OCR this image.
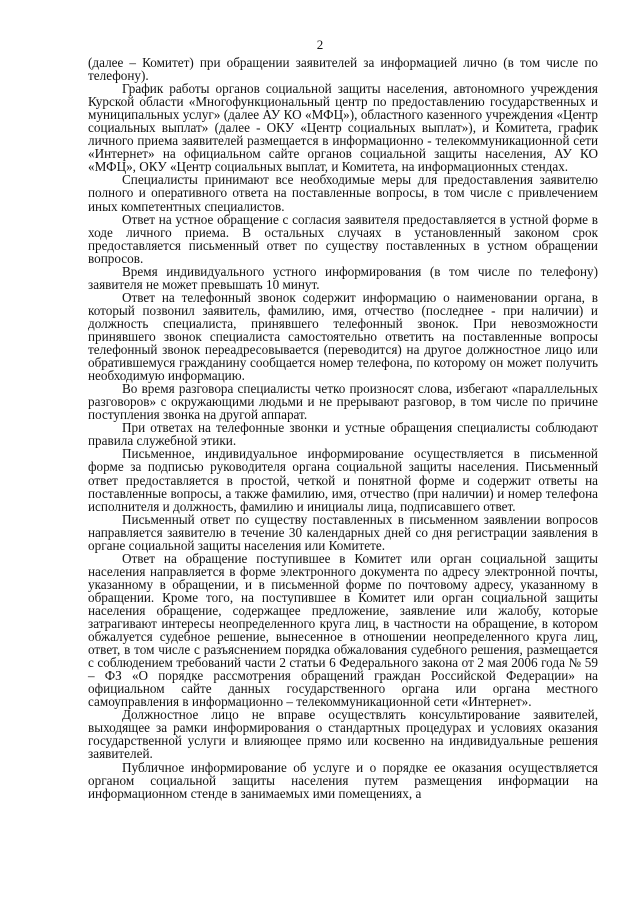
2

(далее – Комитет) при обращении заявителей за информацией лично (в том числе по телефону).

График работы органов социальной защиты населения, автономного учреждения Курской области «Многофункциональный центр по предоставлению государственных и муниципальных услуг» (далее АУ КО «МФЦ»), областного казенного учреждения «Центр социальных выплат» (далее - ОКУ «Центр социальных выплат»), и Комитета, график личного приема заявителей размещается в информационно - телекоммуникационной сети «Интернет» на официальном сайте органов социальной защиты населения, АУ КО «МФЦ», ОКУ «Центр социальных выплат, и Комитета, на информационных стендах.

Специалисты принимают все необходимые меры для предоставления заявителю полного и оперативного ответа на поставленные вопросы, в том числе с привлечением иных компетентных специалистов.

Ответ на устное обращение с согласия заявителя предоставляется в устной форме в ходе личного приема. В остальных случаях в установленный законом срок предоставляется письменный ответ по существу поставленных в устном обращении вопросов.

Время индивидуального устного информирования (в том числе по телефону) заявителя не может превышать 10 минут.

Ответ на телефонный звонок содержит информацию о наименовании органа, в который позвонил заявитель, фамилию, имя, отчество (последнее - при наличии) и должность специалиста, принявшего телефонный звонок. При невозможности принявшего звонок специалиста самостоятельно ответить на поставленные вопросы телефонный звонок переадресовывается (переводится) на другое должностное лицо или обратившемуся гражданину сообщается номер телефона, по которому он может получить необходимую информацию.

Во время разговора специалисты четко произносят слова, избегают «параллельных разговоров» с окружающими людьми и не прерывают разговор, в том числе по причине поступления звонка на другой аппарат.

При ответах на телефонные звонки и устные обращения специалисты соблюдают правила служебной этики.

Письменное, индивидуальное информирование осуществляется в письменной форме за подписью руководителя органа социальной защиты населения. Письменный ответ предоставляется в простой, четкой и понятной форме и содержит ответы на поставленные вопросы, а также фамилию, имя, отчество (при наличии) и номер телефона исполнителя и должность, фамилию и инициалы лица, подписавшего ответ.

Письменный ответ по существу поставленных в письменном заявлении вопросов направляется заявителю в течение 30 календарных дней со дня регистрации заявления в органе социальной защиты населения или Комитете.

Ответ на обращение поступившее в Комитет или орган социальной защиты населения направляется в форме электронного документа по адресу электронной почты, указанному в обращении, и в письменной форме по почтовому адресу, указанному в обращении. Кроме того, на поступившее в Комитет или орган социальной защиты населения обращение, содержащее предложение, заявление или жалобу, которые затрагивают интересы неопределенного круга лиц, в частности на обращение, в котором обжалуется судебное решение, вынесенное в отношении неопределенного круга лиц, ответ, в том числе с разъяснением порядка обжалования судебного решения, размещается с соблюдением требований части 2 статьи 6 Федерального закона от 2 мая 2006 года № 59 – ФЗ «О порядке рассмотрения обращений граждан Российской Федерации» на официальном сайте данных государственного органа или органа местного самоуправления в информационно – телекоммуникационной сети «Интернет».

Должностное лицо не вправе осуществлять консультирование заявителей, выходящее за рамки информирования о стандартных процедурах и условиях оказания государственной услуги и влияющее прямо или косвенно на индивидуальные решения заявителей.

Публичное информирование об услуге и о порядке ее оказания осуществляется органом социальной защиты населения путем размещения информации на информационном стенде в занимаемых ими помещениях, а
